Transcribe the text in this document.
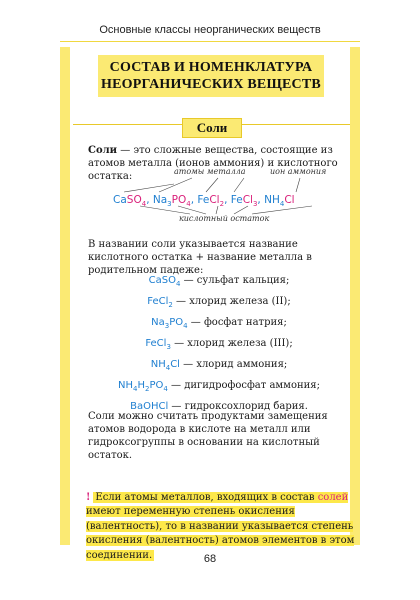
Основные классы неорганических веществ
СОСТАВ И НОМЕНКЛАТУРА
НЕОРГАНИЧЕСКИХ ВЕЩЕСТВ
Соли
Соли — это сложные вещества, состоящие из атомов металла (ионов аммония) и кислотного остатка:	атомы металла	ион аммония
CaSO$_4$, $Na_3PO_4$, FeCl$_2$, FeCl$_3$, $NH_4Cl$
кислотный остаток
В названии соли указывается название кислотного остатка + название металла в родительном падеже:
CaSO$_4$ — сульфат кальция;
FeCl$_2$ — хлорид железа (II);
$Na_3PO_4$ — фосфат натрия;
FeCl$_3$ — хлорид железа (III);
$NH_4Cl$ — хлорид аммония;
$NH_4H_2PO_4$ — дигидрофосфат аммония;
BaOHCl — гидроксохлорид бария.
Соли можно считать продуктами замещения атомов водорода в кислоте на металл или гидроксогруппы в основании на кислотный остаток.
! Если атомы металлов, входящих в состав солей имеют переменную степень окисления (валентность), то в названии указывается степень окисления (валентность) атомов элементов в этом соединении.	68
